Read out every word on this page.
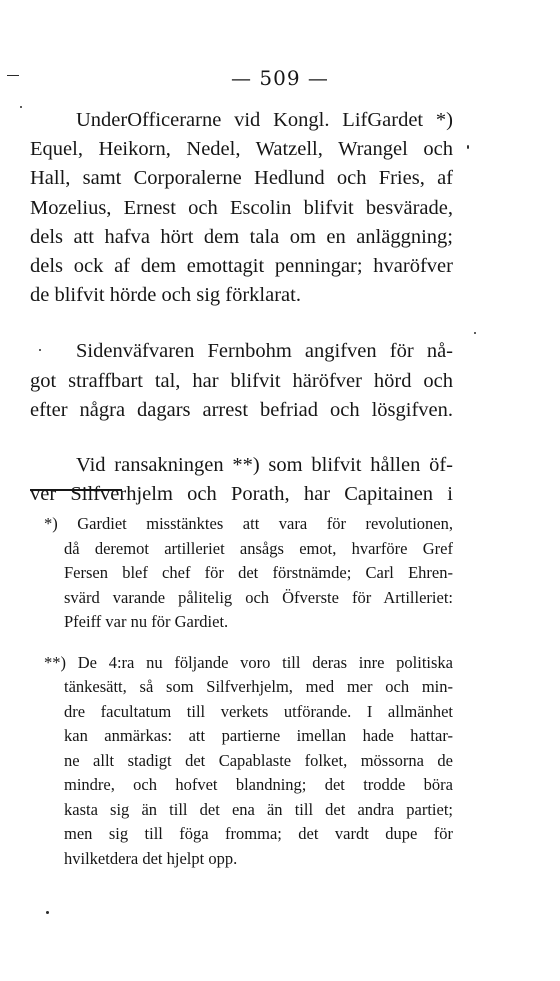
— 509 —

UnderOfficerarne vid Kongl. LifGardet *)
Equel, Heikorn, Nedel, Watzell, Wrangel och
Hall, samt Corporalerne Hedlund och Fries, af
Mozelius, Ernest och Escolin blifvit besvärade,
dels att hafva hört dem tala om en anläggning;
dels ock af dem emottagit penningar; hvaröfver
de blifvit hörde och sig förklarat.

Sidenväfvaren Fernbohm angifven för nå-
got straffbart tal, har blifvit häröfver hörd och
efter några dagars arrest befriad och lösgifven.

Vid ransakningen **) som blifvit hållen öf-
ver Silfverhjelm och Porath, har Capitainen i

*) Gardiet misstänktes att vara för revolutionen,
då deremot artilleriet ansågs emot, hvarföre Gref
Fersen blef chef för det förstnämde; Carl Ehren-
svärd varande pålitelig och Öfverste för Artilleriet:
Pfeiff var nu för Gardiet.

**) De 4:ra nu följande voro till deras inre politiska
tänkesätt, så som Silfverhjelm, med mer och min-
dre facultatum till verkets utförande. I allmänhet
kan anmärkas: att partierne imellan hade hattar-
ne allt stadigt det Capablaste folket, mössorna de
mindre, och hofvet blandning; det trodde böra
kasta sig än till det ena än till det andra partiet;
men sig till föga fromma; det vardt dupe för
hvilketdera det hjelpt opp.
